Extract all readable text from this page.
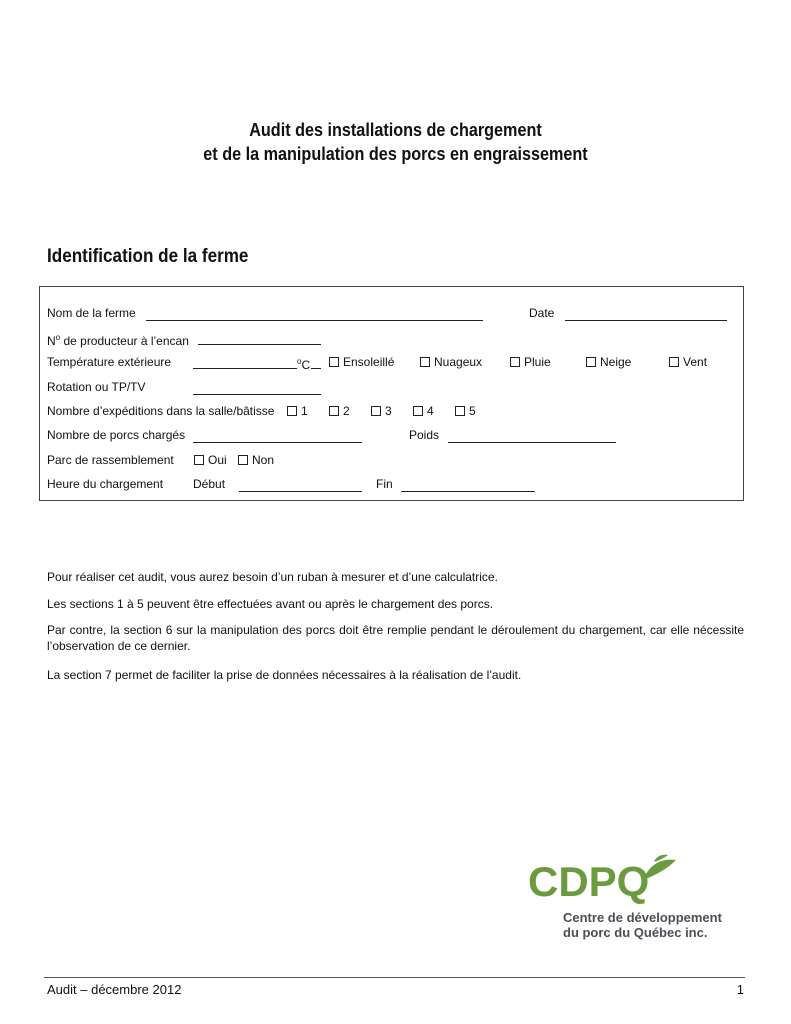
Audit des installations de chargement
et de la manipulation des porcs en engraissement
Identification de la ferme
Nom de la ferme	Date
$N^o$ de producteur à l’encan
Température extérieure	$^o$C	Ensoleillé	Nuageux	Pluie	Neige	Vent
Rotation ou TP/TV
Nombre d’expéditions dans la salle/bâtisse	1	2	3	4	5
Nombre de porcs chargés	Poids
Parc de rassemblement	Oui	Non
Heure du chargement Début	Fin
Pour réaliser cet audit, vous aurez besoin d’un ruban à mesurer et d’une calculatrice.
Les sections 1 à 5 peuvent être effectuées avant ou après le chargement des porcs.
Par contre, la section 6 sur la manipulation des porcs doit être remplie pendant le déroulement du chargement, car elle nécessite l’observation de ce dernier.
La section 7 permet de faciliter la prise de données nécessaires à la réalisation de l’audit.
CDPQ
Centre de développement
du porc du Québec inc.
Audit – décembre 2012	1
